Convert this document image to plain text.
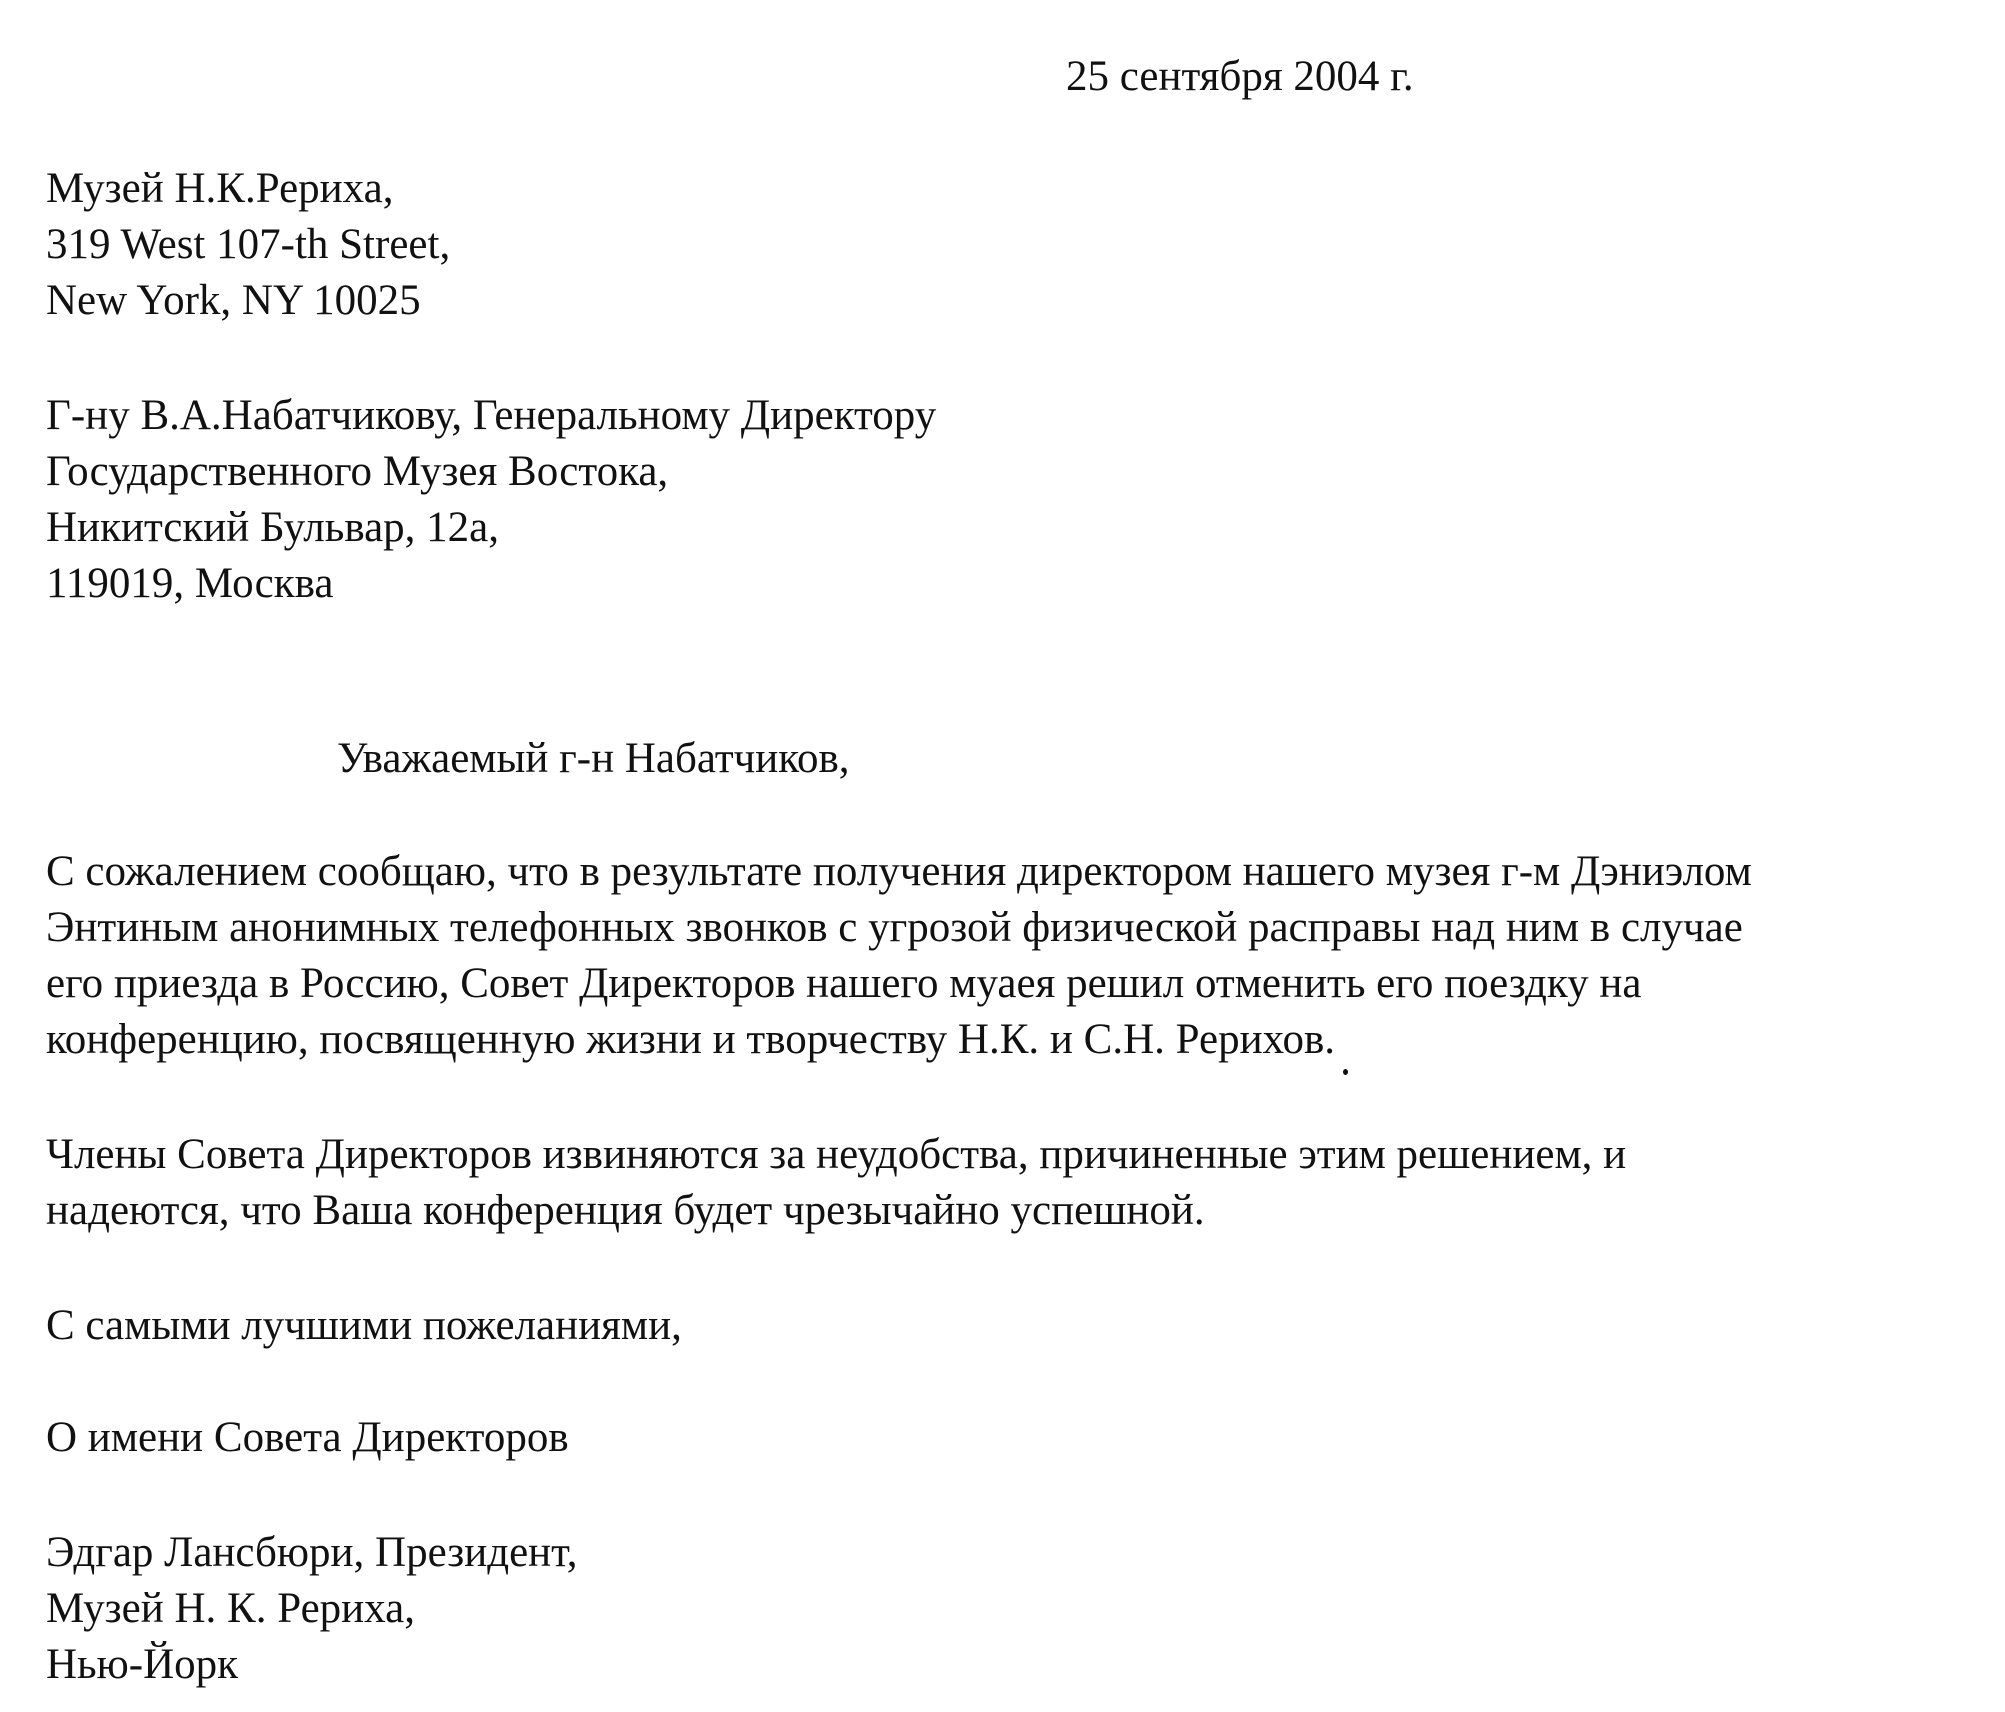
25 сентября 2004 г.
Музей Н.К.Рериха,
319 West 107-th Street,
New York, NY 10025
Г-ну В.А.Набатчикову, Генеральному Директору
Государственного Музея Востока,
Никитский Бульвар, 12а,
119019, Москва
Уважаемый г-н Набатчиков,
С сожалением сообщаю, что в результате получения директором нашего музея г-м Дэниэлом
Энтиным анонимных телефонных звонков с угрозой физической расправы над ним в случае
его приезда в Россию, Совет Директоров нашего муаея решил отменить его поездку на
конференцию, посвященную жизни и творчеству Н.К. и С.Н. Рерихов.
Члены Совета Директоров извиняются за неудобства, причиненные этим решением, и
надеются, что Ваша конференция будет чрезычайно успешной.
С самыми лучшими пожеланиями,
О имени Совета Директоров
Эдгар Лансбюри, Президент,
Музей Н. К. Рериха,
Нью-Йорк
